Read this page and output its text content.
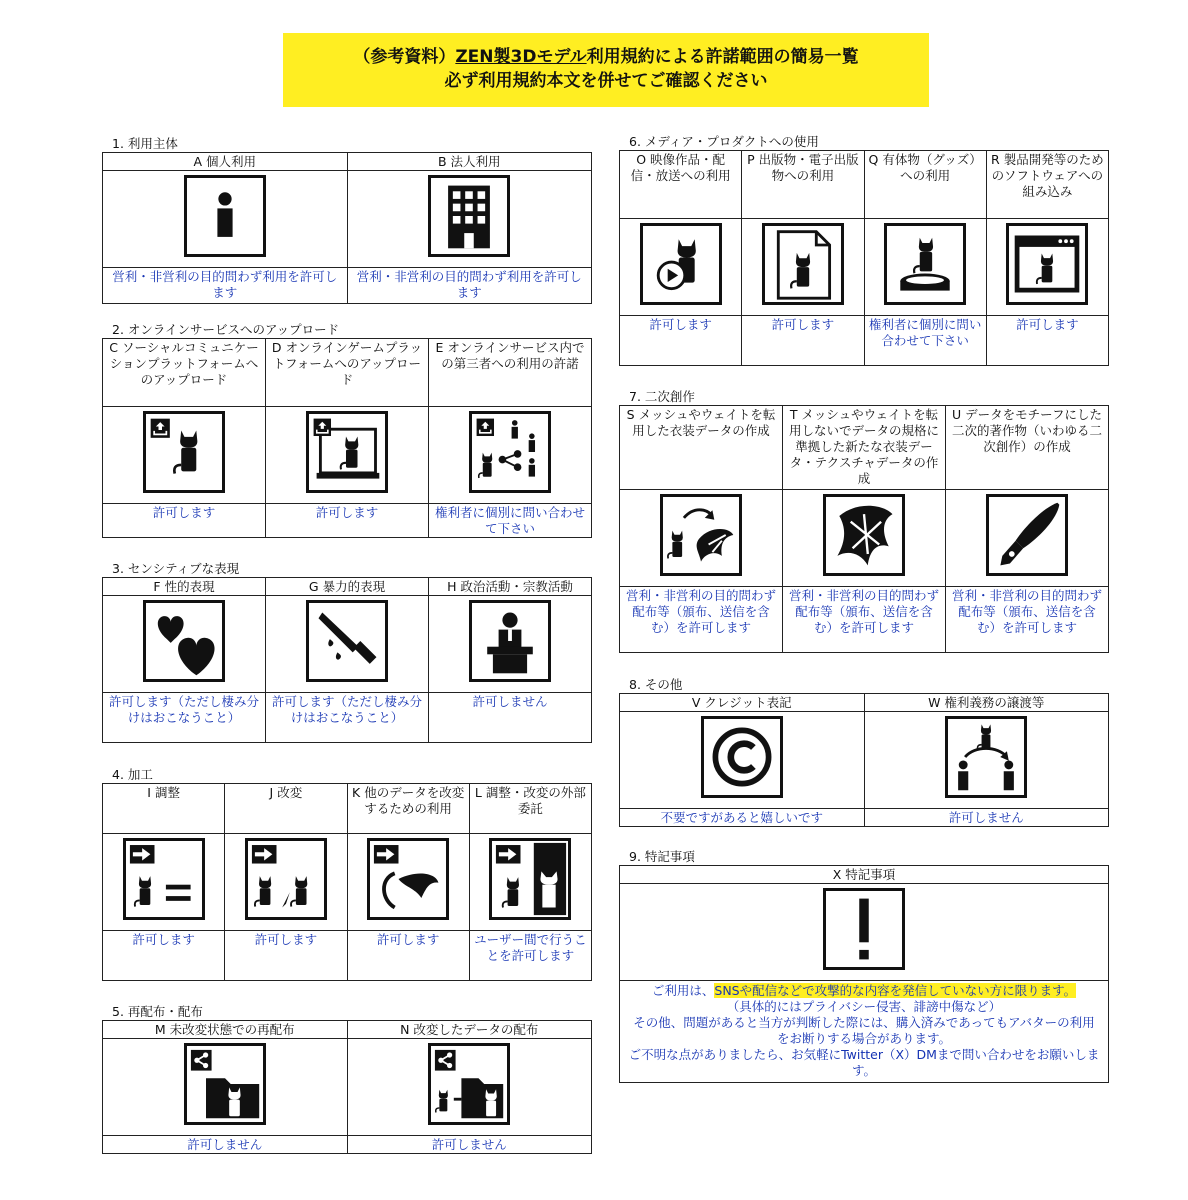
（参考資料）ZEN製3Dモデル利用規約による許諾範囲の簡易一覧
必ず利用規約本文を併せてご確認ください
1. 利用主体
A 個人利用	B 法人利用

営利・非営利の目的問わず利用を許可します	営利・非営利の目的問わず利用を許可します
2. オンラインサービスへのアップロード
C ソーシャルコミュニケーションプラットフォームへのアップロード	D オンラインゲームプラットフォームへのアップロード	E オンラインサービス内での第三者への利用の許諾

許可します	許可します	権利者に個別に問い合わせて下さい
3. センシティブな表現
F 性的表現	G 暴力的表現	H 政治活動・宗教活動

許可します（ただし棲み分けはおこなうこと）	許可します（ただし棲み分けはおこなうこと）	許可しません
4. 加工
I 調整	J 改変	K 他のデータを改変するための利用	L 調整・改変の外部委託

許可します	許可します	許可します	ユーザー間で行うことを許可します
5. 再配布・配布
M 未改変状態での再配布	N 改変したデータの配布

許可しません	許可しません
6. メディア・プロダクトへの使用
O 映像作品・配信・放送への利用	P 出版物・電子出版物への利用	Q 有体物（グッズ）への利用	R 製品開発等のためのソフトウェアへの組み込み

許可します	許可します	権利者に個別に問い合わせて下さい	許可します
7. 二次創作
S メッシュやウェイトを転用した衣装データの作成	T メッシュやウェイトを転用しないでデータの規格に準拠した新たな衣装データ・テクスチャデータの作成	U データをモチーフにした二次的著作物（いわゆる二次創作）の作成

営利・非営利の目的問わず配布等（頒布、送信を含む）を許可します	営利・非営利の目的問わず配布等（頒布、送信を含む）を許可します	営利・非営利の目的問わず配布等（頒布、送信を含む）を許可します
8. その他
V クレジット表記	W 権利義務の譲渡等

不要ですがあると嬉しいです	許可しません
9. 特記事項
X 特記事項

ご利用は、SNSや配信などで攻撃的な内容を発信していない方に限ります。
（具体的にはプライバシー侵害、誹謗中傷など）
その他、問題があると当方が判断した際には、購入済みであってもアバターの利用をお断りする場合があります。
ご不明な点がありましたら、お気軽にTwitter（X）DMまで問い合わせをお願いします。
